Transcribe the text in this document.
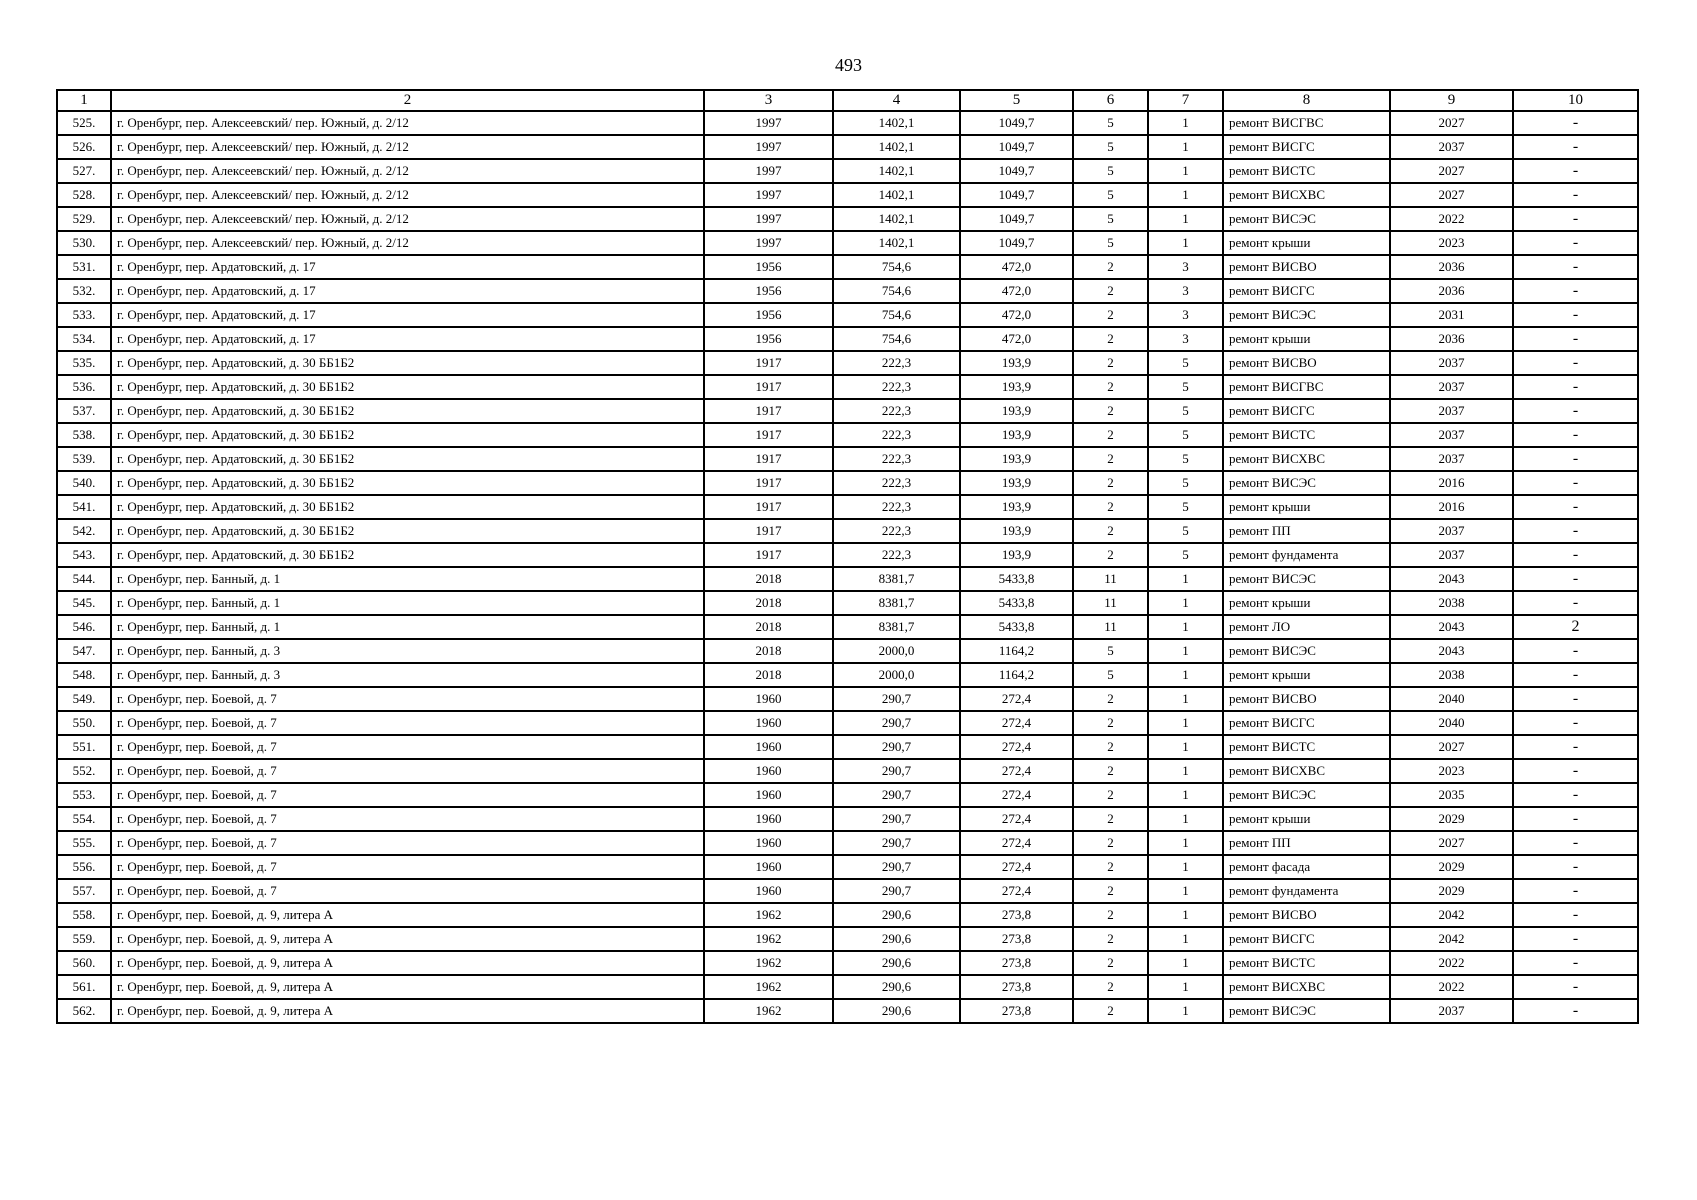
493
1	2	3	4	5	6	7	8	9	10
525.	г. Оренбург, пер. Алексеевский/ пер. Южный, д. 2/12	1997	1402,1	1049,7	5	1	ремонт ВИСГВС	2027	-
526.	г. Оренбург, пер. Алексеевский/ пер. Южный, д. 2/12	1997	1402,1	1049,7	5	1	ремонт ВИСГС	2037	-
527.	г. Оренбург, пер. Алексеевский/ пер. Южный, д. 2/12	1997	1402,1	1049,7	5	1	ремонт ВИСТС	2027	-
528.	г. Оренбург, пер. Алексеевский/ пер. Южный, д. 2/12	1997	1402,1	1049,7	5	1	ремонт ВИСХВС	2027	-
529.	г. Оренбург, пер. Алексеевский/ пер. Южный, д. 2/12	1997	1402,1	1049,7	5	1	ремонт ВИСЭС	2022	-
530.	г. Оренбург, пер. Алексеевский/ пер. Южный, д. 2/12	1997	1402,1	1049,7	5	1	ремонт крыши	2023	-
531.	г. Оренбург, пер. Ардатовский, д. 17	1956	754,6	472,0	2	3	ремонт ВИСВО	2036	-
532.	г. Оренбург, пер. Ардатовский, д. 17	1956	754,6	472,0	2	3	ремонт ВИСГС	2036	-
533.	г. Оренбург, пер. Ардатовский, д. 17	1956	754,6	472,0	2	3	ремонт ВИСЭС	2031	-
534.	г. Оренбург, пер. Ардатовский, д. 17	1956	754,6	472,0	2	3	ремонт крыши	2036	-
535.	г. Оренбург, пер. Ардатовский, д. 30 ББ1Б2	1917	222,3	193,9	2	5	ремонт ВИСВО	2037	-
536.	г. Оренбург, пер. Ардатовский, д. 30 ББ1Б2	1917	222,3	193,9	2	5	ремонт ВИСГВС	2037	-
537.	г. Оренбург, пер. Ардатовский, д. 30 ББ1Б2	1917	222,3	193,9	2	5	ремонт ВИСГС	2037	-
538.	г. Оренбург, пер. Ардатовский, д. 30 ББ1Б2	1917	222,3	193,9	2	5	ремонт ВИСТС	2037	-
539.	г. Оренбург, пер. Ардатовский, д. 30 ББ1Б2	1917	222,3	193,9	2	5	ремонт ВИСХВС	2037	-
540.	г. Оренбург, пер. Ардатовский, д. 30 ББ1Б2	1917	222,3	193,9	2	5	ремонт ВИСЭС	2016	-
541.	г. Оренбург, пер. Ардатовский, д. 30 ББ1Б2	1917	222,3	193,9	2	5	ремонт крыши	2016	-
542.	г. Оренбург, пер. Ардатовский, д. 30 ББ1Б2	1917	222,3	193,9	2	5	ремонт ПП	2037	-
543.	г. Оренбург, пер. Ардатовский, д. 30 ББ1Б2	1917	222,3	193,9	2	5	ремонт фундамента	2037	-
544.	г. Оренбург, пер. Банный, д. 1	2018	8381,7	5433,8	11	1	ремонт ВИСЭС	2043	-
545.	г. Оренбург, пер. Банный, д. 1	2018	8381,7	5433,8	11	1	ремонт крыши	2038	-
546.	г. Оренбург, пер. Банный, д. 1	2018	8381,7	5433,8	11	1	ремонт ЛО	2043	2
547.	г. Оренбург, пер. Банный, д. 3	2018	2000,0	1164,2	5	1	ремонт ВИСЭС	2043	-
548.	г. Оренбург, пер. Банный, д. 3	2018	2000,0	1164,2	5	1	ремонт крыши	2038	-
549.	г. Оренбург, пер. Боевой, д. 7	1960	290,7	272,4	2	1	ремонт ВИСВО	2040	-
550.	г. Оренбург, пер. Боевой, д. 7	1960	290,7	272,4	2	1	ремонт ВИСГС	2040	-
551.	г. Оренбург, пер. Боевой, д. 7	1960	290,7	272,4	2	1	ремонт ВИСТС	2027	-
552.	г. Оренбург, пер. Боевой, д. 7	1960	290,7	272,4	2	1	ремонт ВИСХВС	2023	-
553.	г. Оренбург, пер. Боевой, д. 7	1960	290,7	272,4	2	1	ремонт ВИСЭС	2035	-
554.	г. Оренбург, пер. Боевой, д. 7	1960	290,7	272,4	2	1	ремонт крыши	2029	-
555.	г. Оренбург, пер. Боевой, д. 7	1960	290,7	272,4	2	1	ремонт ПП	2027	-
556.	г. Оренбург, пер. Боевой, д. 7	1960	290,7	272,4	2	1	ремонт фасада	2029	-
557.	г. Оренбург, пер. Боевой, д. 7	1960	290,7	272,4	2	1	ремонт фундамента	2029	-
558.	г. Оренбург, пер. Боевой, д. 9, литера А	1962	290,6	273,8	2	1	ремонт ВИСВО	2042	-
559.	г. Оренбург, пер. Боевой, д. 9, литера А	1962	290,6	273,8	2	1	ремонт ВИСГС	2042	-
560.	г. Оренбург, пер. Боевой, д. 9, литера А	1962	290,6	273,8	2	1	ремонт ВИСТС	2022	-
561.	г. Оренбург, пер. Боевой, д. 9, литера А	1962	290,6	273,8	2	1	ремонт ВИСХВС	2022	-
562.	г. Оренбург, пер. Боевой, д. 9, литера А	1962	290,6	273,8	2	1	ремонт ВИСЭС	2037	-
